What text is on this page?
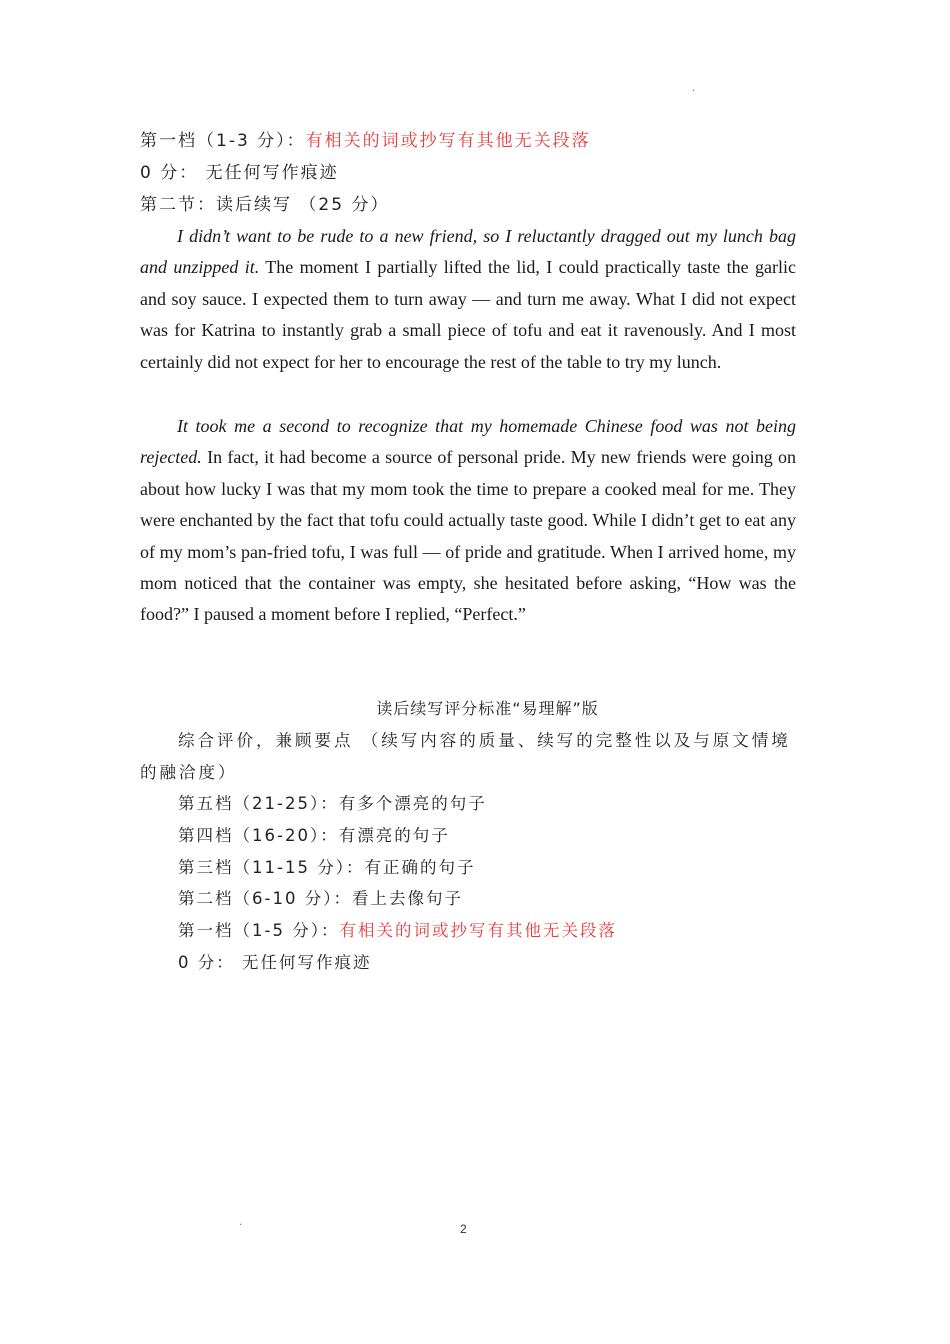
.
第一档（1-3 分）：有相关的词或抄写有其他无关段落
0 分： 无任何写作痕迹
第二节：读后续写 （25 分）

I didn’t want to be rude to a new friend, so I reluctantly dragged out my lunch bag and unzipped it. The moment I partially lifted the lid, I could practically taste the garlic and soy sauce. I expected them to turn away — and turn me away. What I did not expect was for Katrina to instantly grab a small piece of tofu and eat it ravenously. And I most certainly did not expect for her to encourage the rest of the table to try my lunch.

It took me a second to recognize that my homemade Chinese food was not being rejected. In fact, it had become a source of personal pride. My new friends were going on about how lucky I was that my mom took the time to prepare a cooked meal for me. They were enchanted by the fact that tofu could actually taste good. While I didn’t get to eat any of my mom’s pan-fried tofu, I was full — of pride and gratitude. When I arrived home, my mom noticed that the container was empty, she hesitated before asking, “How was the food?” I paused a moment before I replied, “Perfect.”

读后续写评分标准“易理解”版
综合评价，兼顾要点 （续写内容的质量、续写的完整性以及与原文情境的融洽度）
第五档（21-25）：有多个漂亮的句子
第四档（16-20）：有漂亮的句子
第三档（11-15 分）：有正确的句子
第二档（6-10 分）：看上去像句子
第一档（1-5 分）：有相关的词或抄写有其他无关段落
0 分： 无任何写作痕迹
.	2
